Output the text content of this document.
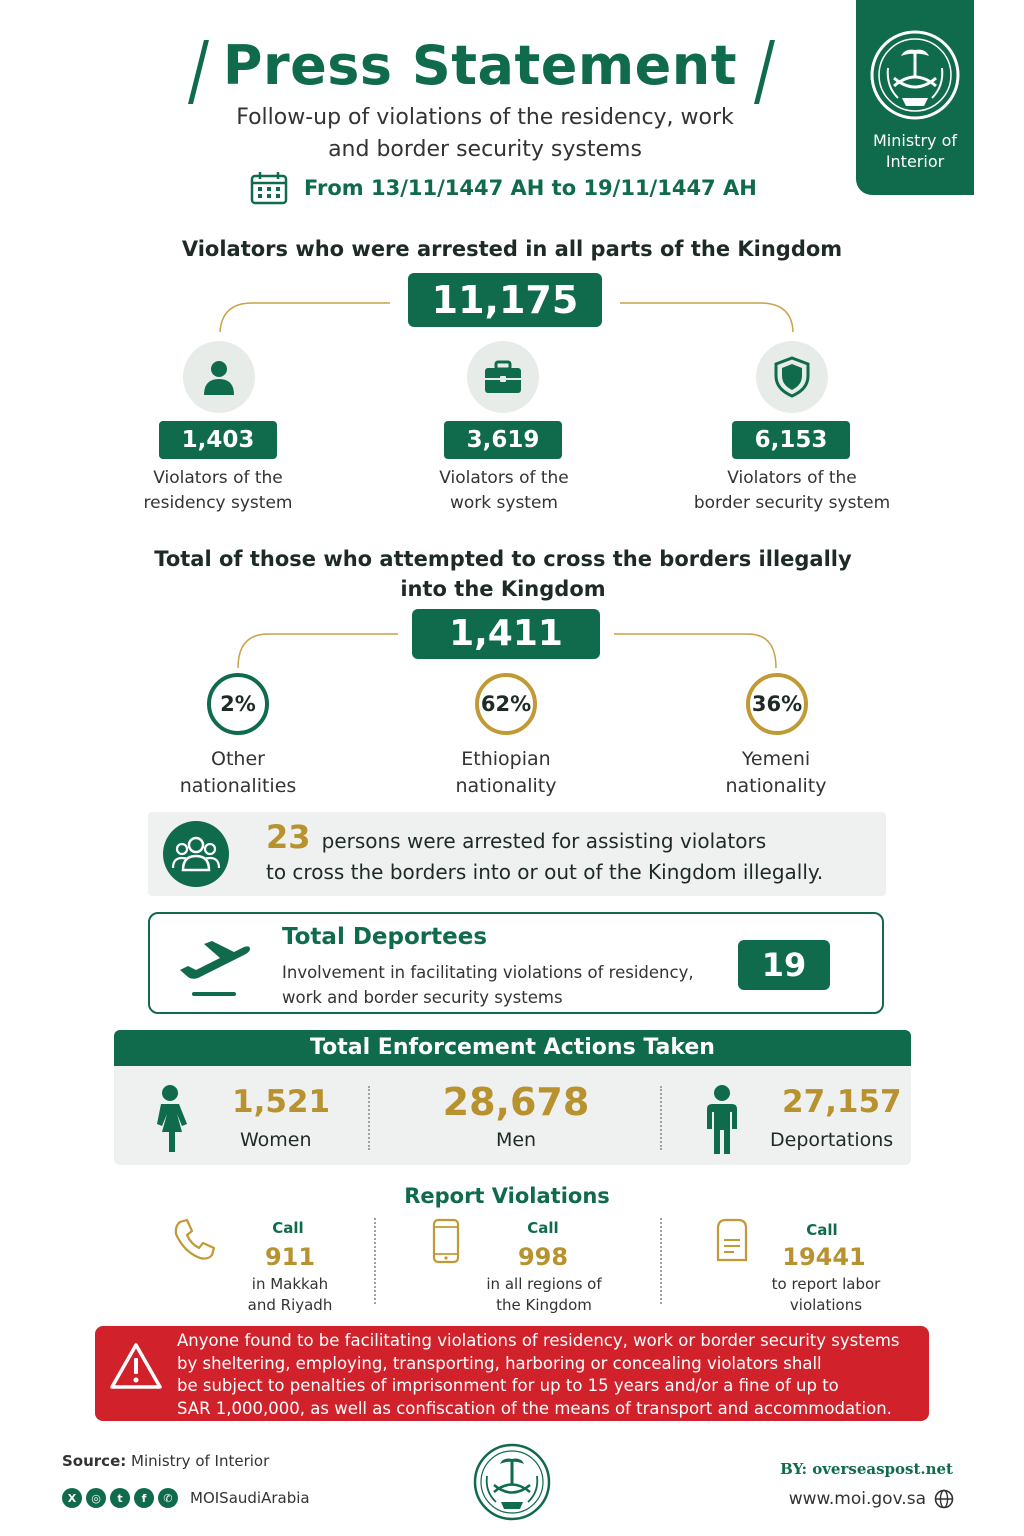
Press Statement
Follow-up of violations of the residency, work
and border security systems
From 13/11/1447 AH to 19/11/1447 AH
Ministry of
Interior
Violators who were arrested in all parts of the Kingdom
11,175
1,403	3,619	6,153
Violators of the
residency system
Violators of the
work system
Violators of the
border security system
Total of those who attempted to cross the borders illegally
into the Kingdom
1,411
2%	62%	36%
Other
nationalities
Ethiopian
nationality
Yemeni
nationality
23 persons were arrested for assisting violators
to cross the borders into or out of the Kingdom illegally.
Total Deportees
Involvement in facilitating violations of residency,
work and border security systems
19
Total Enforcement Actions Taken
1,521
Women
28,678
Men
27,157
Deportations
Report Violations
Call
911
in Makkah
and Riyadh
Call
998
in all regions of
the Kingdom
Call
19441
to report labor
violations
Anyone found to be facilitating violations of residency, work or border security systems
by sheltering, employing, transporting, harboring or concealing violators shall
be subject to penalties of imprisonment for up to 15 years and/or a fine of up to
SAR 1,000,000, as well as confiscation of the means of transport and accommodation.
Source: Ministry of Interior
X	◎	t	f	✆	MOISaudiArabia
BY: overseaspost.net
www.moi.gov.sa
